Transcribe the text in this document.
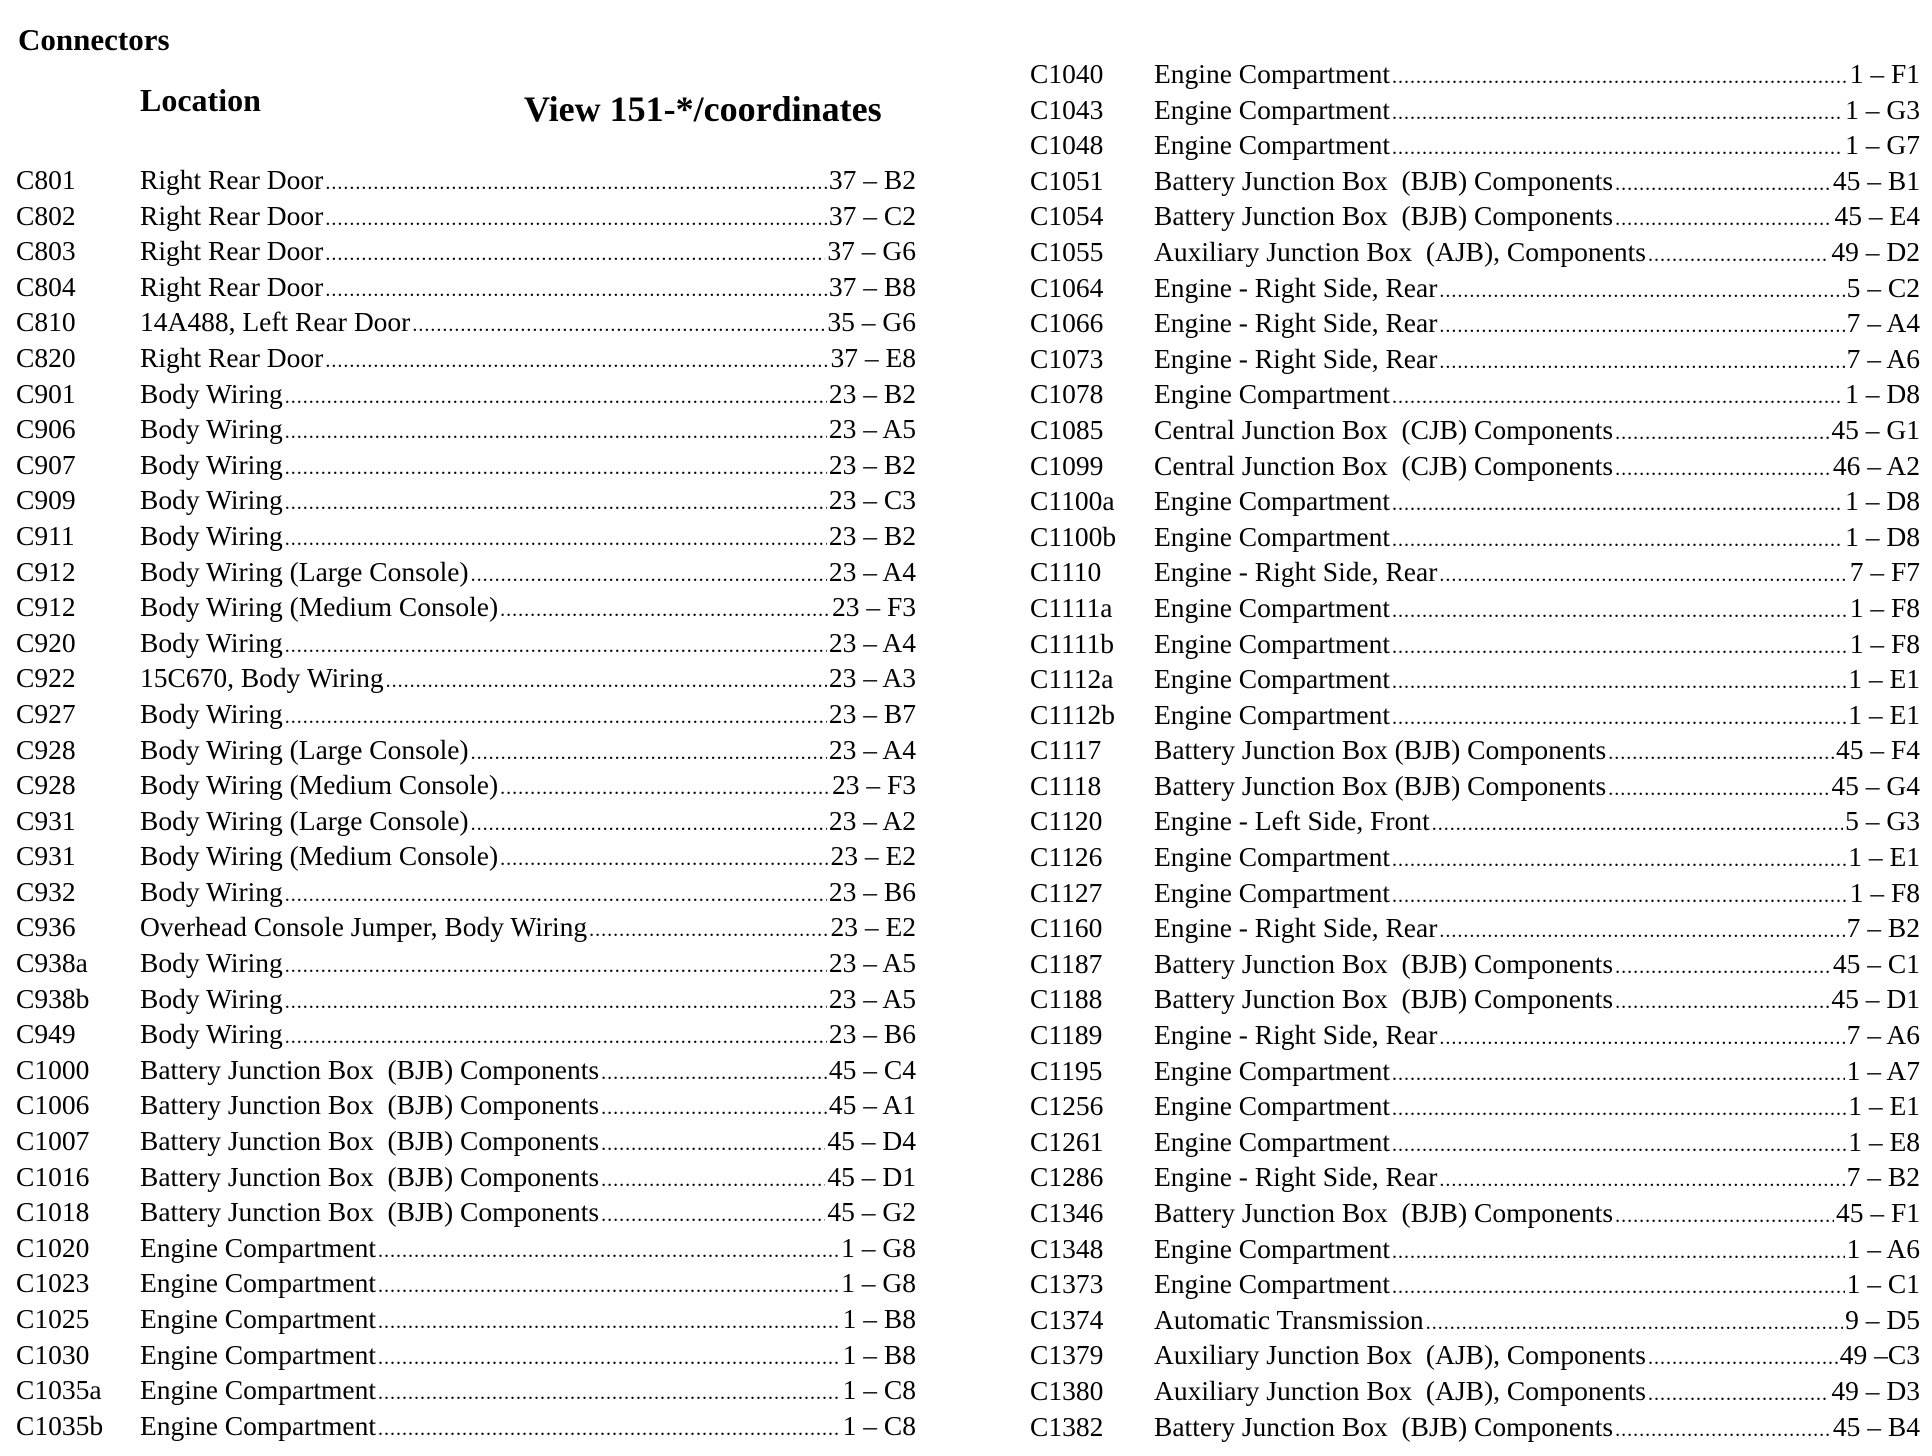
Connectors
Location	View 151-*/coordinates
C801	Right Rear Door .....	37 – B2
C802	Right Rear Door .....	37 – C2
C803	Right Rear Door .....	37 – G6
C804	Right Rear Door .....	37 – B8
C810	14A488, Left Rear Door .....	35 – G6
C820	Right Rear Door .....	37 – E8
C901	Body Wiring .....	23 – B2
C906	Body Wiring .....	23 – A5
C907	Body Wiring .....	23 – B2
C909	Body Wiring .....	23 – C3
C911	Body Wiring .....	23 – B2
C912	Body Wiring (Large Console) .....	23 – A4
C912	Body Wiring (Medium Console) .....	23 – F3
C920	Body Wiring .....	23 – A4
C922	15C670, Body Wiring .....	23 – A3
C927	Body Wiring .....	23 – B7
C928	Body Wiring (Large Console) .....	23 – A4
C928	Body Wiring (Medium Console) .....	23 – F3
C931	Body Wiring (Large Console) .....	23 – A2
C931	Body Wiring (Medium Console) .....	23 – E2
C932	Body Wiring .....	23 – B6
C936	Overhead Console Jumper, Body Wiring .....	23 – E2
C938a	Body Wiring .....	23 – A5
C938b	Body Wiring .....	23 – A5
C949	Body Wiring .....	23 – B6
C1000	Battery Junction Box  (BJB) Components .....	45 – C4
C1006	Battery Junction Box  (BJB) Components .....	45 – A1
C1007	Battery Junction Box  (BJB) Components .....	45 – D4
C1016	Battery Junction Box  (BJB) Components .....	45 – D1
C1018	Battery Junction Box  (BJB) Components .....	45 – G2
C1020	Engine Compartment .....	1 – G8
C1023	Engine Compartment .....	1 – G8
C1025	Engine Compartment .....	1 – B8
C1030	Engine Compartment .....	1 – B8
C1035a	Engine Compartment .....	1 – C8
C1035b	Engine Compartment .....	1 – C8
C1040	Engine Compartment .....	1 – F1
C1043	Engine Compartment .....	1 – G3
C1048	Engine Compartment .....	1 – G7
C1051	Battery Junction Box  (BJB) Components .....	45 – B1
C1054	Battery Junction Box  (BJB) Components .....	45 – E4
C1055	Auxiliary Junction Box  (AJB), Components .....	49 – D2
C1064	Engine - Right Side, Rear .....	5 – C2
C1066	Engine - Right Side, Rear .....	7 – A4
C1073	Engine - Right Side, Rear .....	7 – A6
C1078	Engine Compartment .....	1 – D8
C1085	Central Junction Box  (CJB) Components .....	45 – G1
C1099	Central Junction Box  (CJB) Components .....	46 – A2
C1100a	Engine Compartment .....	1 – D8
C1100b	Engine Compartment .....	1 – D8
C1110	Engine - Right Side, Rear .....	7 – F7
C1111a	Engine Compartment .....	1 – F8
C1111b	Engine Compartment .....	1 – F8
C1112a	Engine Compartment .....	1 – E1
C1112b	Engine Compartment .....	1 – E1
C1117	Battery Junction Box (BJB) Components .....	45 – F4
C1118	Battery Junction Box (BJB) Components .....	45 – G4
C1120	Engine - Left Side, Front .....	5 – G3
C1126	Engine Compartment .....	1 – E1
C1127	Engine Compartment .....	1 – F8
C1160	Engine - Right Side, Rear .....	7 – B2
C1187	Battery Junction Box  (BJB) Components .....	45 – C1
C1188	Battery Junction Box  (BJB) Components .....	45 – D1
C1189	Engine - Right Side, Rear .....	7 – A6
C1195	Engine Compartment .....	1 – A7
C1256	Engine Compartment .....	1 – E1
C1261	Engine Compartment .....	1 – E8
C1286	Engine - Right Side, Rear .....	7 – B2
C1346	Battery Junction Box  (BJB) Components .....	45 – F1
C1348	Engine Compartment .....	1 – A6
C1373	Engine Compartment .....	1 – C1
C1374	Automatic Transmission .....	9 – D5
C1379	Auxiliary Junction Box  (AJB), Components .....	49 –C3
C1380	Auxiliary Junction Box  (AJB), Components .....	49 – D3
C1382	Battery Junction Box  (BJB) Components .....	45 – B4
